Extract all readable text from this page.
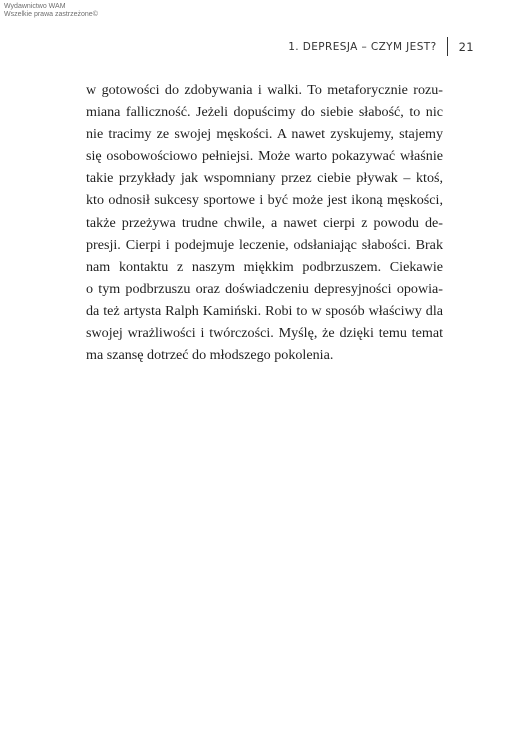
Wydawnictwo WAM
Wszelkie prawa zastrzeżone©
1. DEPRESJA – CZYM JEST? 21
w gotowości do zdobywania i walki. To metaforycznie rozu-
miana falliczność. Jeżeli dopuścimy do siebie słabość, to nic
nie tracimy ze swojej męskości. A nawet zyskujemy, stajemy
się osobowościowo pełniejsi. Może warto pokazywać właśnie
takie przykłady jak wspomniany przez ciebie pływak – ktoś,
kto odnosił sukcesy sportowe i być może jest ikoną męskości,
także przeżywa trudne chwile, a nawet cierpi z powodu de-
presji. Cierpi i podejmuje leczenie, odsłaniając słabości. Brak
nam kontaktu z naszym miękkim podbrzuszem. Ciekawie
o tym podbrzuszu oraz doświadczeniu depresyjności opowia-
da też artysta Ralph Kamiński. Robi to w sposób właściwy dla
swojej wrażliwości i twórczości. Myślę, że dzięki temu temat
ma szansę dotrzeć do młodszego pokolenia.
